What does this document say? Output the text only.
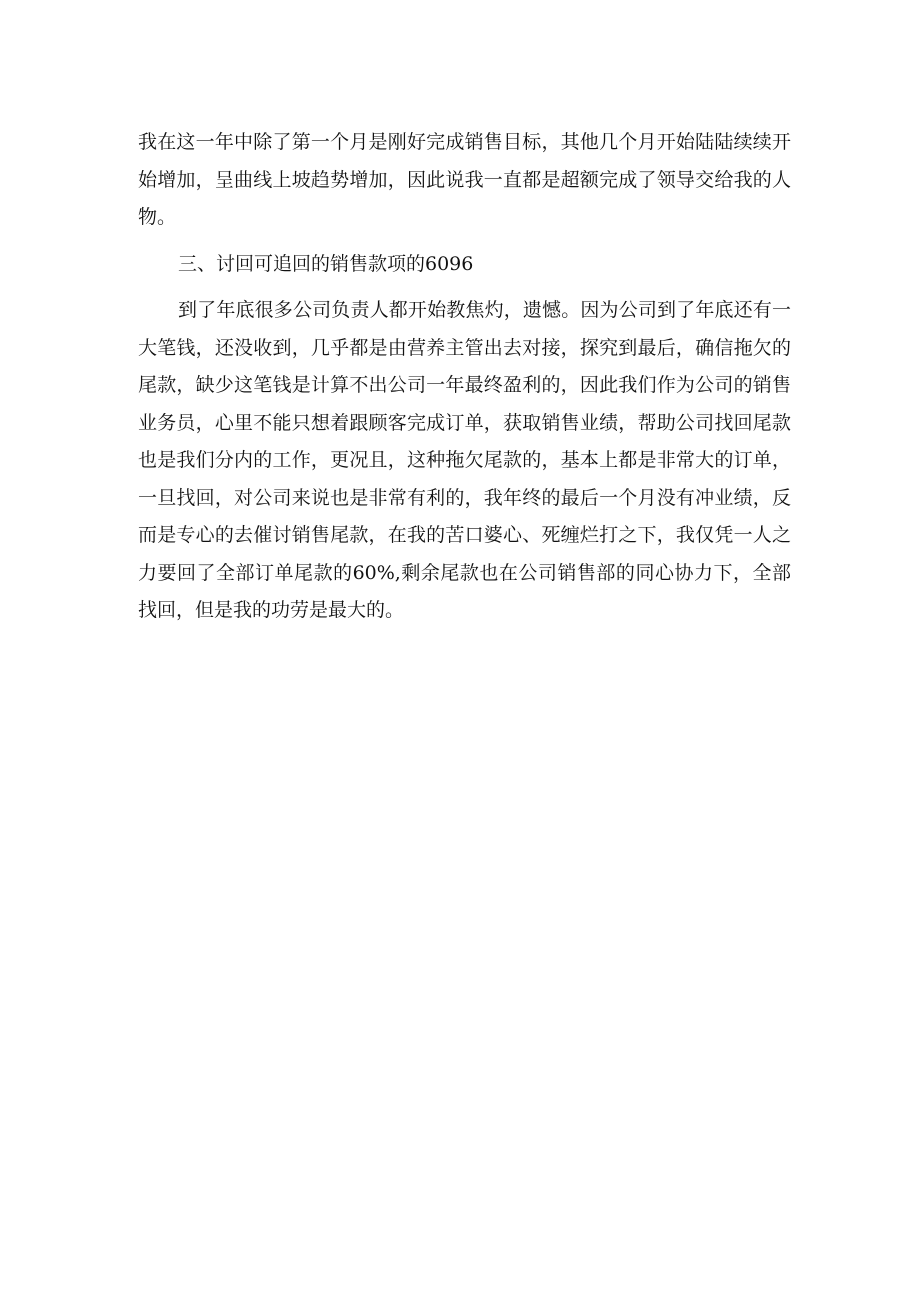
我在这一年中除了第一个月是刚好完成销售目标，其他几个月开始陆陆续续开始增加，呈曲线上坡趋势增加，因此说我一直都是超额完成了领导交给我的人物。

三、讨回可追回的销售款项的6096

到了年底很多公司负责人都开始教焦灼，遗憾。因为公司到了年底还有一大笔钱，还没收到，几乎都是由营养主管出去对接，探究到最后，确信拖欠的尾款，缺少这笔钱是计算不出公司一年最终盈利的，因此我们作为公司的销售业务员，心里不能只想着跟顾客完成订单，获取销售业绩，帮助公司找回尾款也是我们分内的工作，更况且，这种拖欠尾款的，基本上都是非常大的订单，一旦找回，对公司来说也是非常有利的，我年终的最后一个月没有冲业绩，反而是专心的去催讨销售尾款，在我的苦口婆心、死缠烂打之下，我仅凭一人之力要回了全部订单尾款的60%,剩余尾款也在公司销售部的同心协力下，全部找回，但是我的功劳是最大的。
